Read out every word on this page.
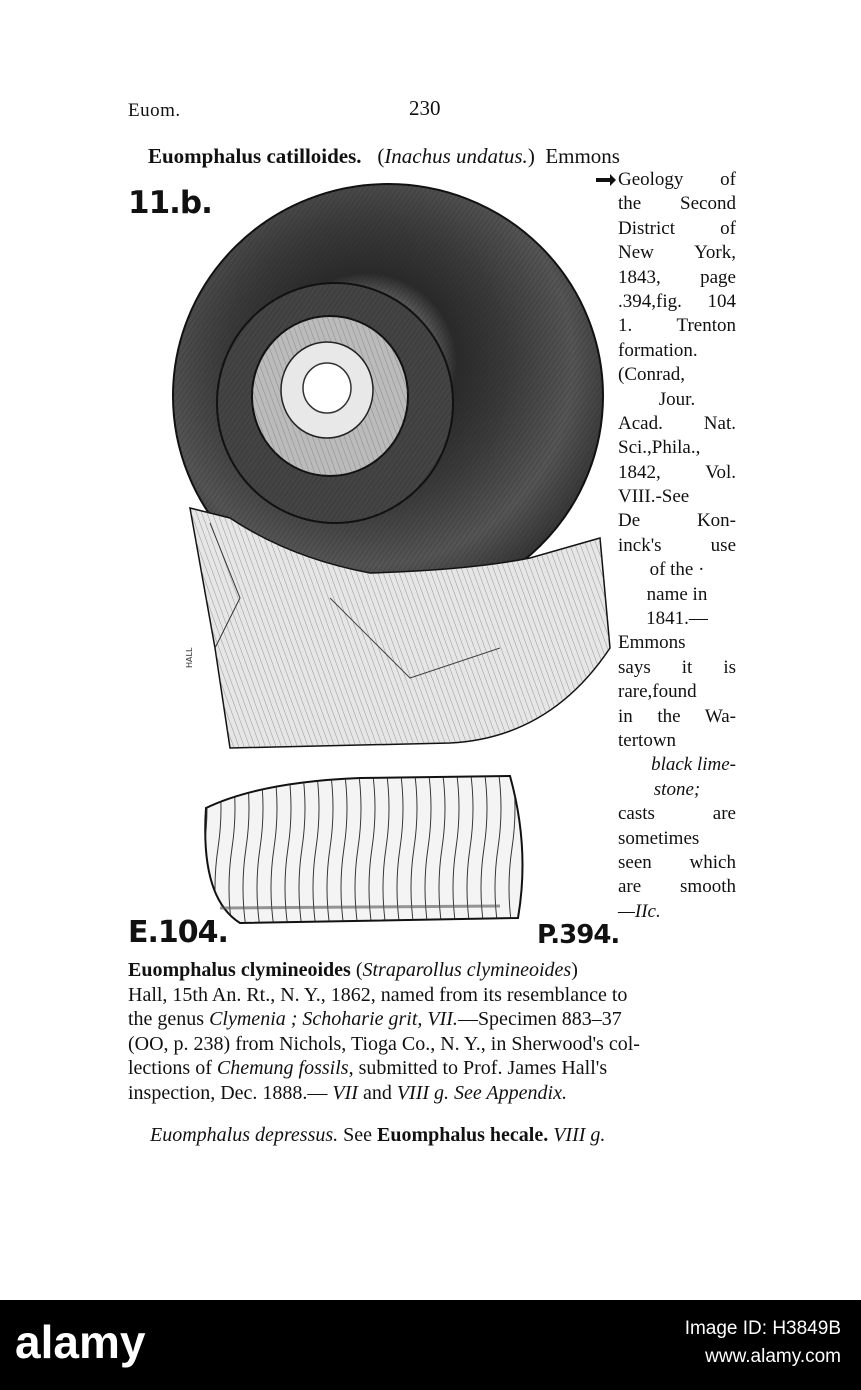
Euom.	230
Euomphalus catilloides. (Inachus undatus.) Emmons
11.b.
HALL
Geology of
the Second
District of
New York,
1843, page
.394,fig. 104
1. Trenton
formation.
(Conrad,
Jour.
Acad. Nat.
Sci.,Phila.,
1842, Vol.
VIII.-See
De Kon-
inck's use
of the ·
name in
1841.—
Emmons
says it is
rare,found
in the Wa-
tertown
black lime-
stone;
casts are
sometimes
seen which
are smooth
—IIc.
E.104.	P.394.
Euomphalus clymineoides (Straparollus clymineoides)
Hall, 15th An. Rt., N. Y., 1862, named from its resemblance to
the genus Clymenia ; Schoharie grit, VII.—Specimen 883–37
(OO, p. 238) from Nichols, Tioga Co., N. Y., in Sherwood's col-
lections of Chemung fossils, submitted to Prof. James Hall's
inspection, Dec. 1888.— VII and VIII g. See Appendix.
Euomphalus depressus. See Euomphalus hecale. VIII g.
alamy	Image ID: H3849B
www.alamy.com
